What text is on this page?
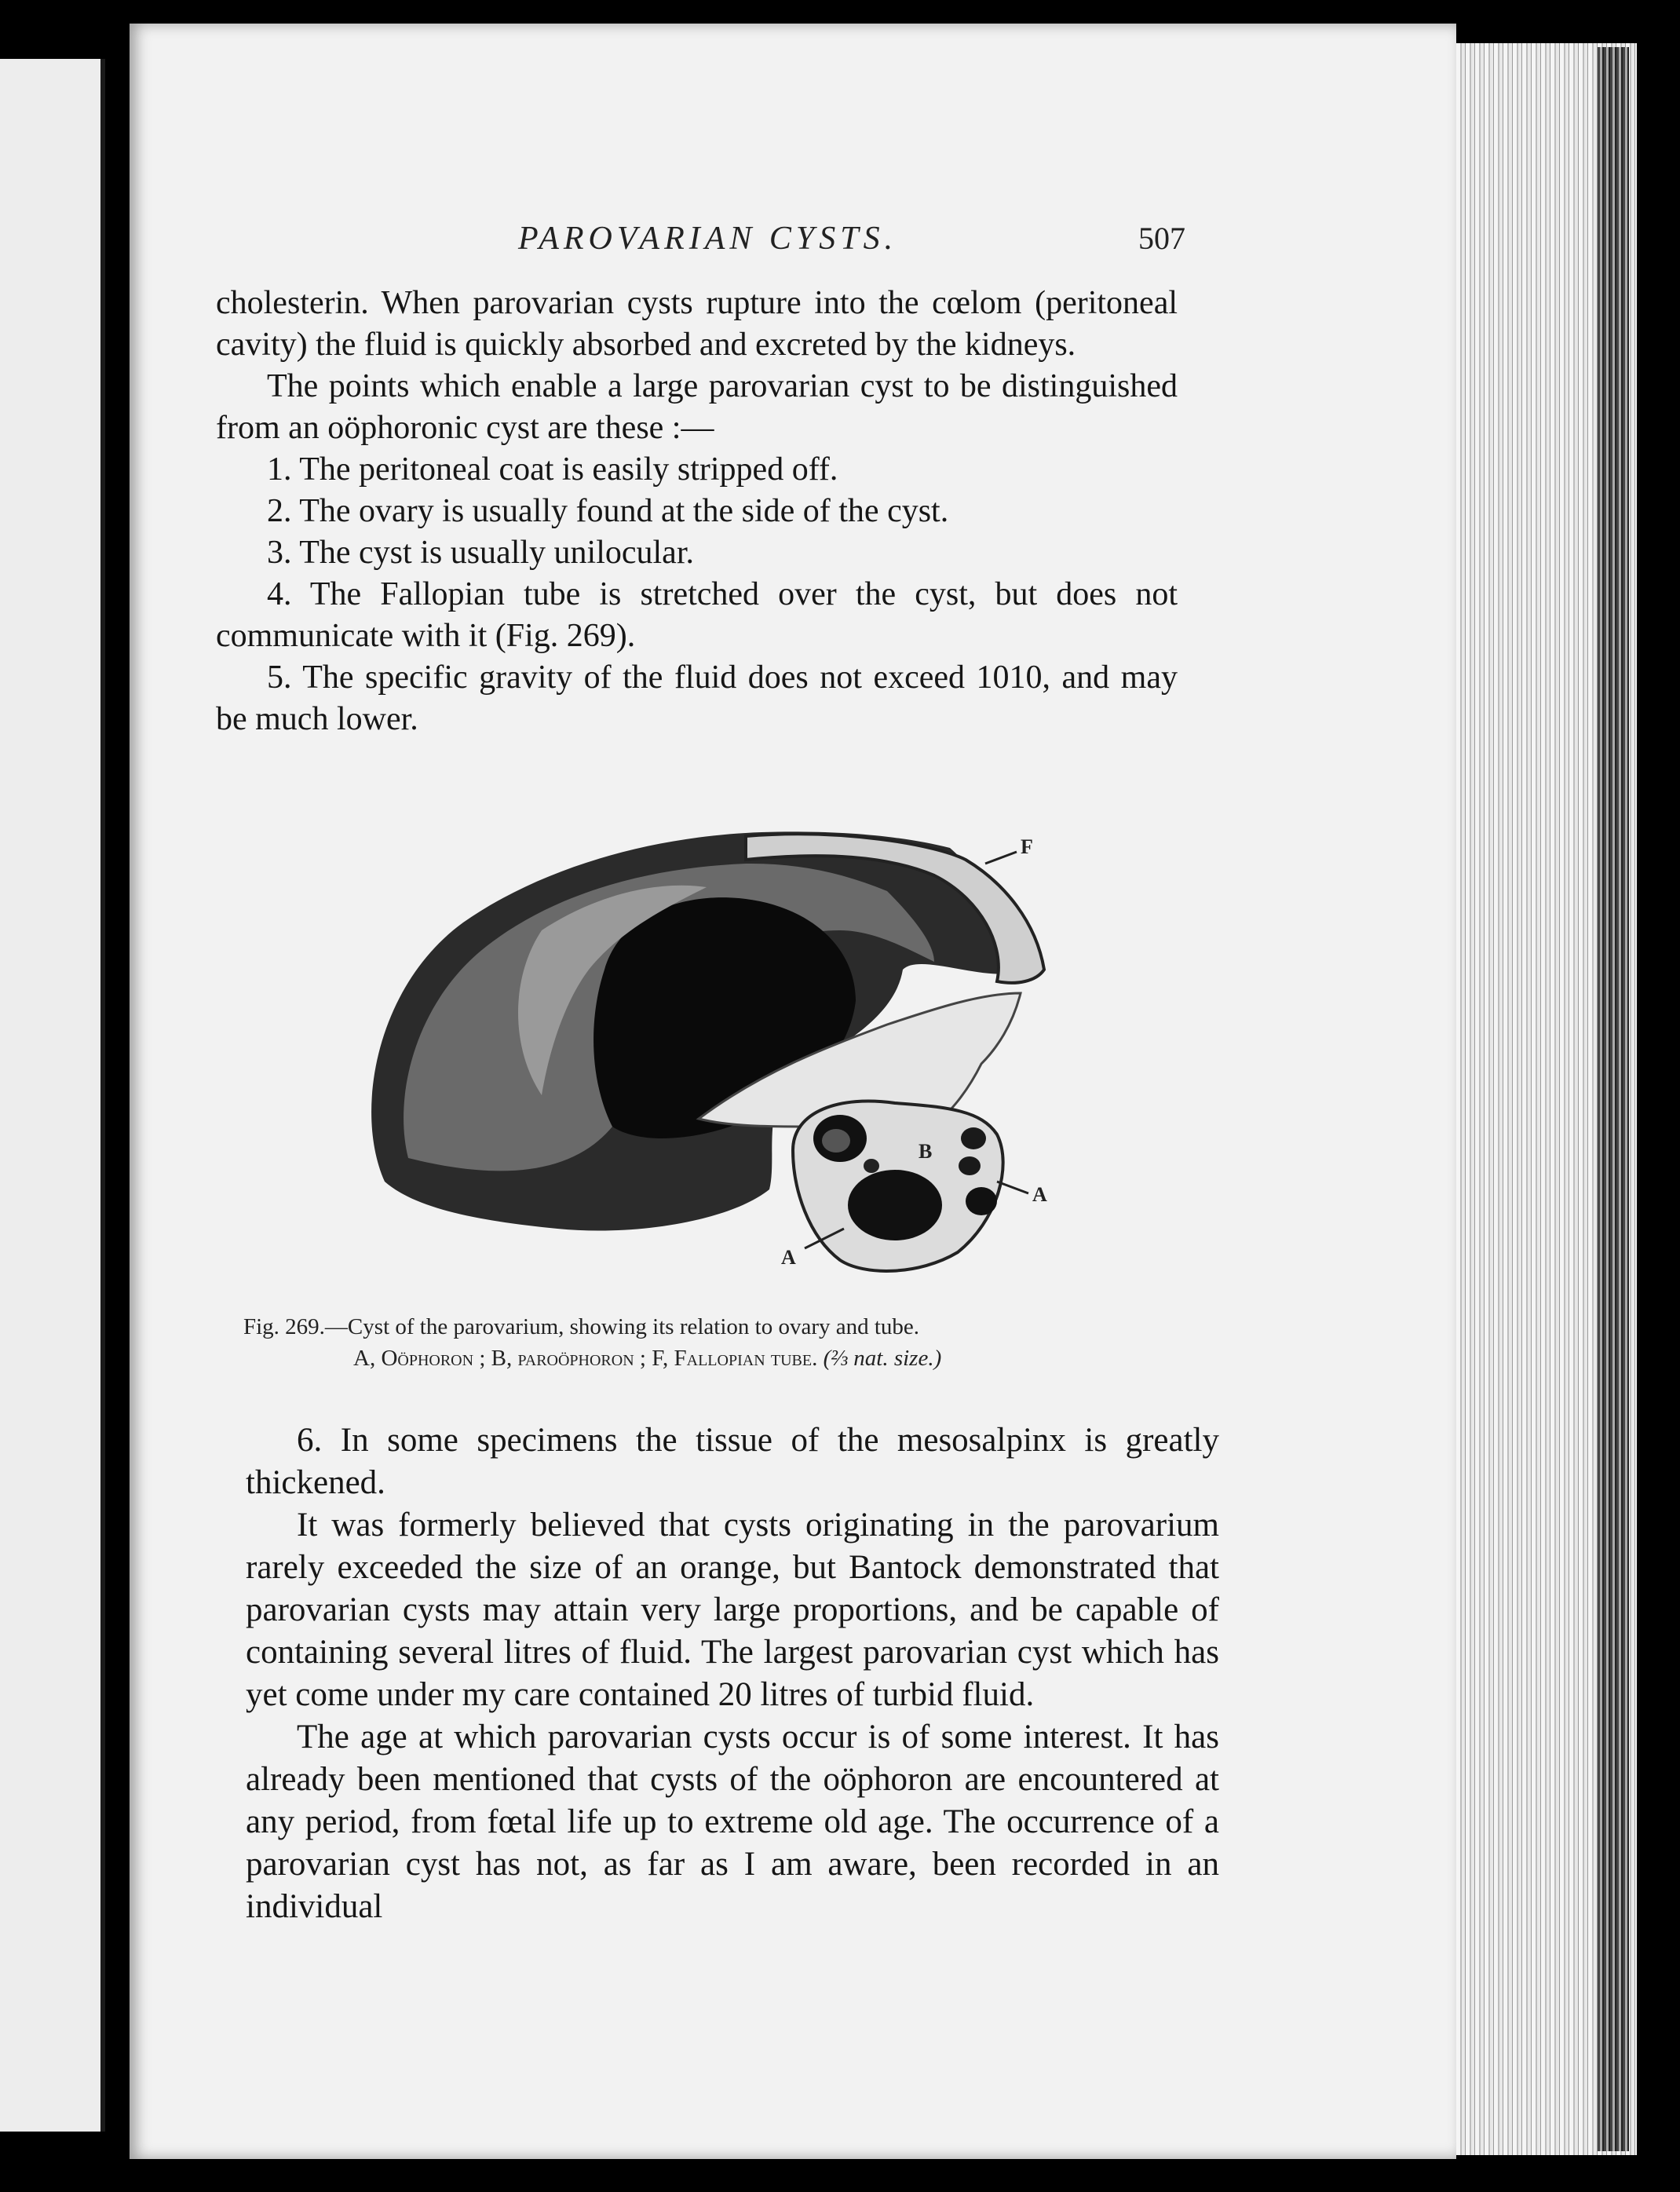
PAROVARIAN CYSTS.	507

cholesterin. When parovarian cysts rupture into the cœlom (peritoneal cavity) the fluid is quickly absorbed and excreted by the kidneys.

The points which enable a large parovarian cyst to be distinguished from an oöphoronic cyst are these :—

1. The peritoneal coat is easily stripped off.

2. The ovary is usually found at the side of the cyst.

3. The cyst is usually unilocular.

4. The Fallopian tube is stretched over the cyst, but does not communicate with it (Fig. 269).

5. The specific gravity of the fluid does not exceed 1010, and may be much lower.

F
B
A
A
Fig. 269.—Cyst of the parovarium, showing its relation to ovary and tube.
A, Oöphoron ; B, paroöphoron ; F, Fallopian tube. (⅔ nat. size.)

6. In some specimens the tissue of the mesosalpinx is greatly thickened.

It was formerly believed that cysts originating in the parovarium rarely exceeded the size of an orange, but Bantock demonstrated that parovarian cysts may attain very large proportions, and be capable of containing several litres of fluid. The largest parovarian cyst which has yet come under my care contained 20 litres of turbid fluid.

The age at which parovarian cysts occur is of some interest. It has already been mentioned that cysts of the oöphoron are encountered at any period, from fœtal life up to extreme old age. The occurrence of a parovarian cyst has not, as far as I am aware, been recorded in an individual
